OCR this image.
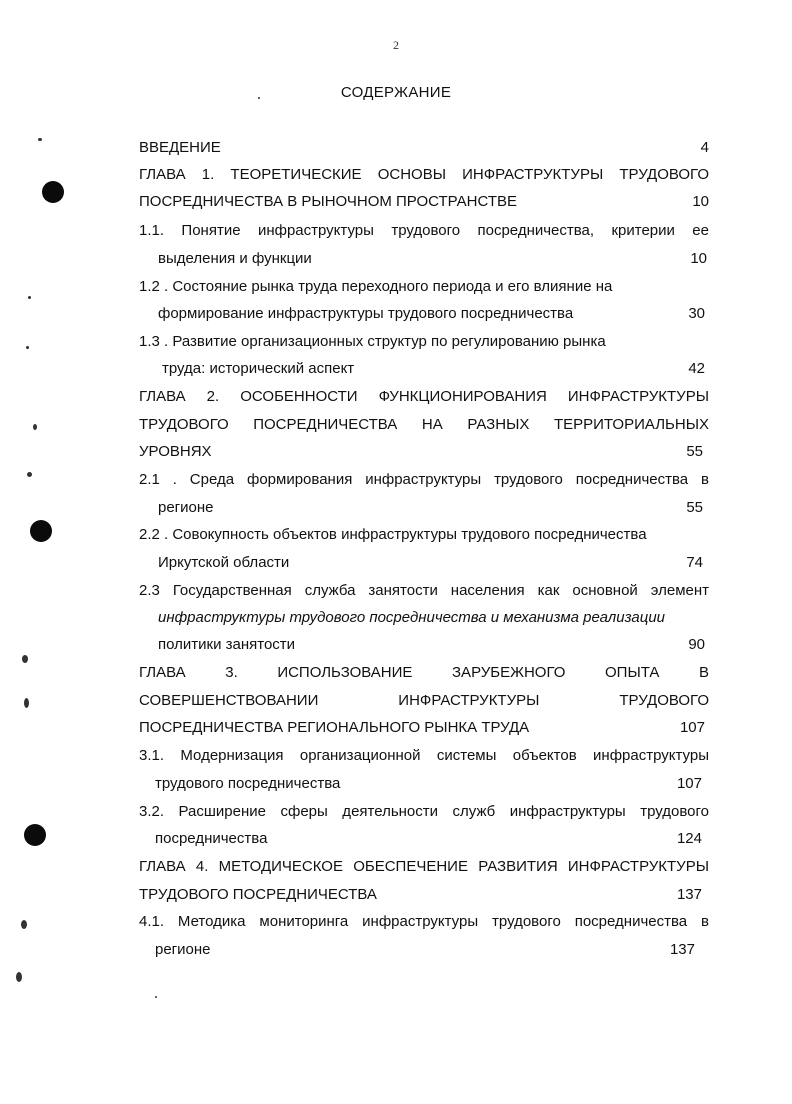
2
СОДЕРЖАНИЕ
ВВЕДЕНИЕ	4
ГЛАВА 1. ТЕОРЕТИЧЕСКИЕ ОСНОВЫ ИНФРАСТРУКТУРЫ ТРУДОВОГО
ПОСРЕДНИЧЕСТВА В РЫНОЧНОМ ПРОСТРАНСТВЕ	10
1.1. Понятие инфраструктуры трудового посредничества, критерии ее
выделения и функции	10
1.2 . Состояние рынка труда переходного периода и его влияние на
формирование инфраструктуры трудового посредничества	30
1.3 . Развитие организационных структур по регулированию рынка
труда: исторический аспект	42
ГЛАВА 2. ОСОБЕННОСТИ ФУНКЦИОНИРОВАНИЯ ИНФРАСТРУКТУРЫ
ТРУДОВОГО ПОСРЕДНИЧЕСТВА НА РАЗНЫХ ТЕРРИТОРИАЛЬНЫХ
УРОВНЯХ	55
2.1 . Среда формирования инфраструктуры трудового посредничества в
регионе	55
2.2 . Совокупность объектов инфраструктуры трудового посредничества
Иркутской области	74
2.3 Государственная служба занятости населения как основной элемент
инфраструктуры трудового посредничества и механизма реализации
политики занятости	90
ГЛАВА 3. ИСПОЛЬЗОВАНИЕ ЗАРУБЕЖНОГО ОПЫТА В
СОВЕРШЕНСТВОВАНИИ ИНФРАСТРУКТУРЫ ТРУДОВОГО
ПОСРЕДНИЧЕСТВА РЕГИОНАЛЬНОГО РЫНКА ТРУДА	107
3.1. Модернизация организационной системы объектов инфраструктуры
трудового посредничества	107
3.2. Расширение сферы деятельности служб инфраструктуры трудового
посредничества	124
ГЛАВА 4. МЕТОДИЧЕСКОЕ ОБЕСПЕЧЕНИЕ РАЗВИТИЯ ИНФРАСТРУКТУРЫ
ТРУДОВОГО ПОСРЕДНИЧЕСТВА	137
4.1. Методика мониторинга инфраструктуры трудового посредничества в
регионе	137
